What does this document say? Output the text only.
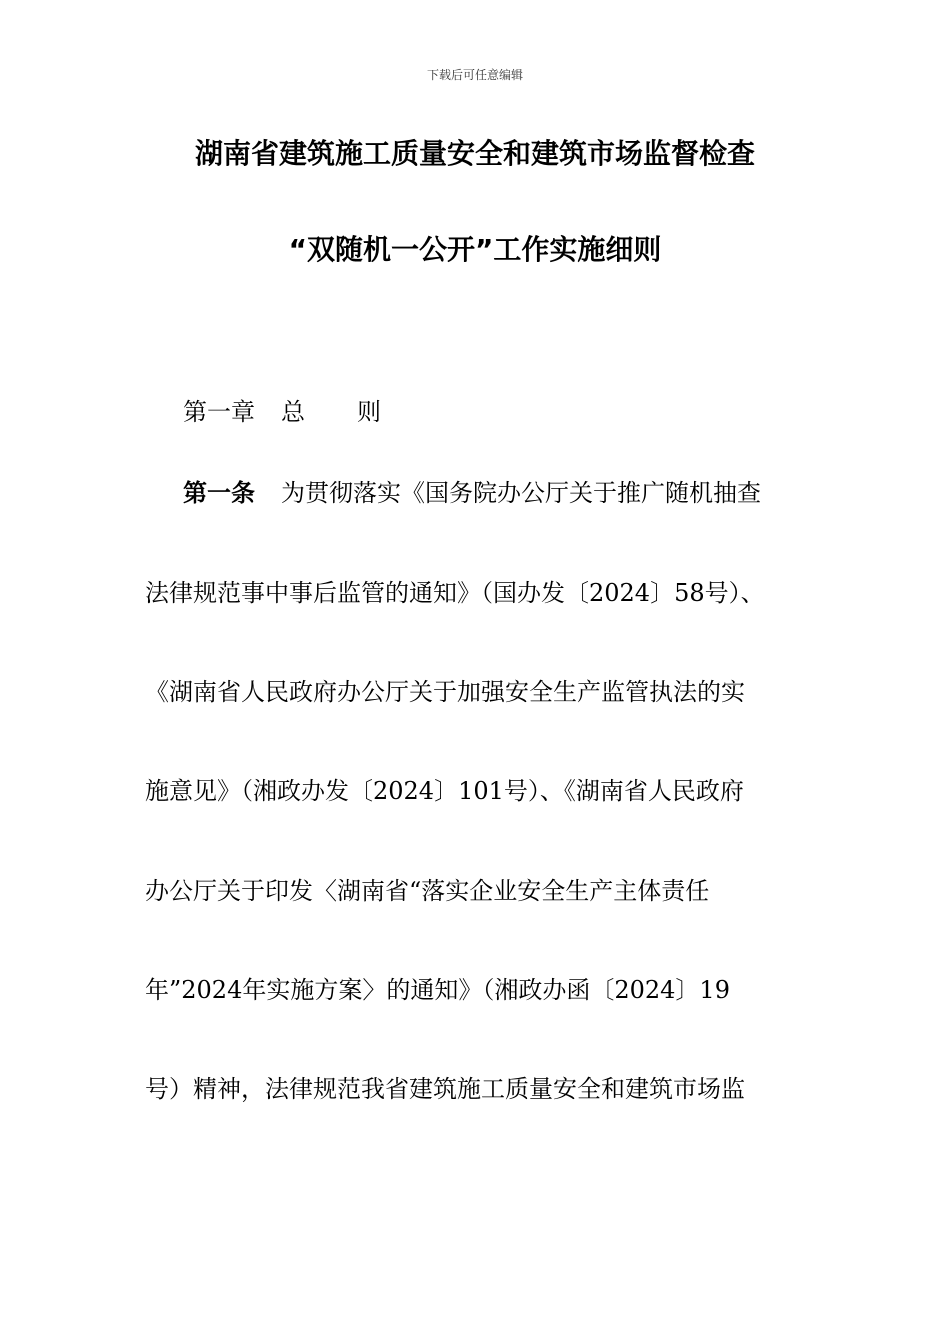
下载后可任意编辑
湖南省建筑施工质量安全和建筑市场监督检查
“双随机一公开”工作实施细则
第一章 总 则
第一条 为贯彻落实《国务院办公厅关于推广随机抽查
法律规范事中事后监管的通知》（国办发〔2024〕58号）、
《湖南省人民政府办公厅关于加强安全生产监管执法的实
施意见》（湘政办发〔2024〕101号）、《湖南省人民政府
办公厅关于印发〈湖南省“落实企业安全生产主体责任
年”2024年实施方案〉的通知》（湘政办函〔2024〕19
号）精神，法律规范我省建筑施工质量安全和建筑市场监
